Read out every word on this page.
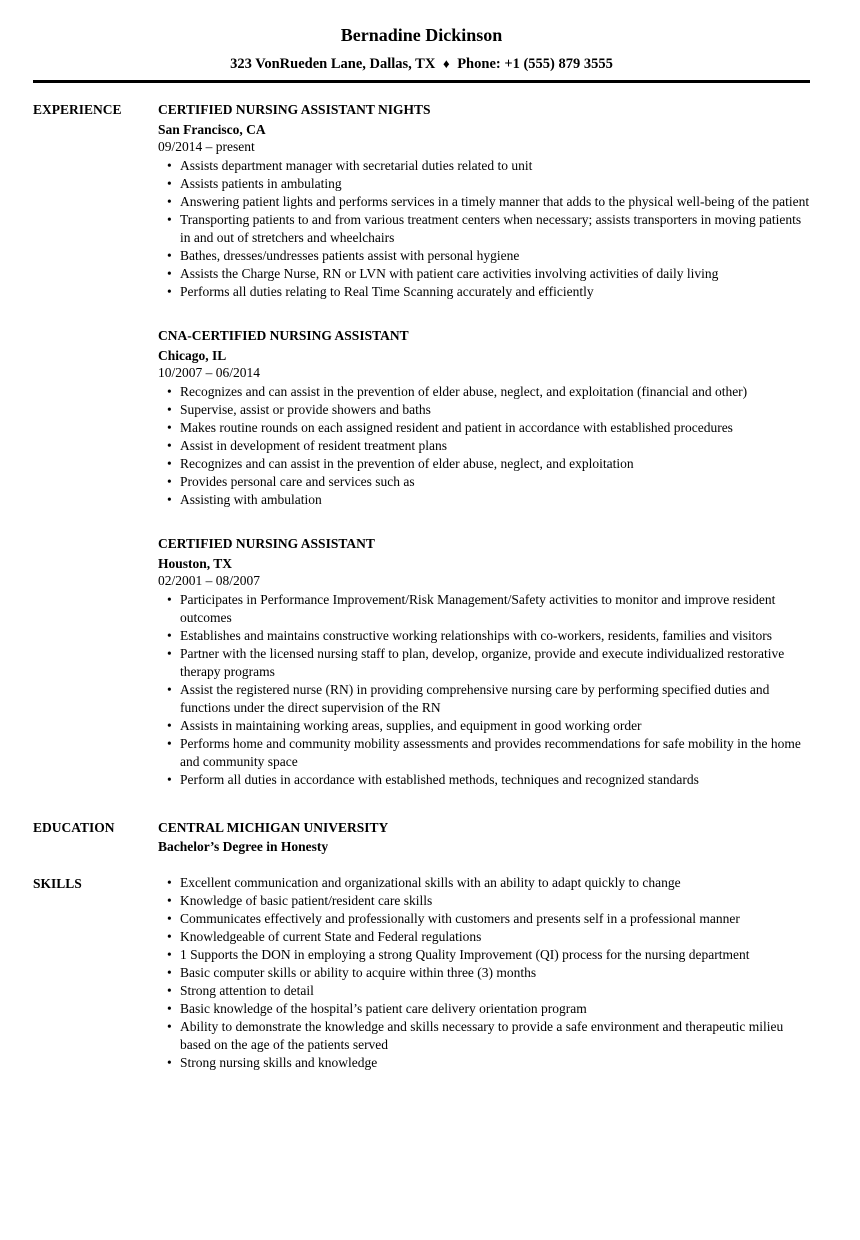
Bernadine Dickinson

323 VonRueden Lane, Dallas, TX ♦ Phone: +1 (555) 879 3555

EXPERIENCE	CERTIFIED NURSING ASSISTANT NIGHTS
San Francisco, CA
09/2014 – present
• Assists department manager with secretarial duties related to unit
• Assists patients in ambulating
• Answering patient lights and performs services in a timely manner that adds to the physical well-being of the patient
• Transporting patients to and from various treatment centers when necessary; assists transporters in moving patients in and out of stretchers and wheelchairs
• Bathes, dresses/undresses patients assist with personal hygiene
• Assists the Charge Nurse, RN or LVN with patient care activities involving activities of daily living
• Performs all duties relating to Real Time Scanning accurately and efficiently
CNA-CERTIFIED NURSING ASSISTANT
Chicago, IL
10/2007 – 06/2014
• Recognizes and can assist in the prevention of elder abuse, neglect, and exploitation (financial and other)
• Supervise, assist or provide showers and baths
• Makes routine rounds on each assigned resident and patient in accordance with established procedures
• Assist in development of resident treatment plans
• Recognizes and can assist in the prevention of elder abuse, neglect, and exploitation
• Provides personal care and services such as
• Assisting with ambulation
CERTIFIED NURSING ASSISTANT
Houston, TX
02/2001 – 08/2007
• Participates in Performance Improvement/Risk Management/Safety activities to monitor and improve resident outcomes
• Establishes and maintains constructive working relationships with co-workers, residents, families and visitors
• Partner with the licensed nursing staff to plan, develop, organize, provide and execute individualized restorative therapy programs
• Assist the registered nurse (RN) in providing comprehensive nursing care by performing specified duties and functions under the direct supervision of the RN
• Assists in maintaining working areas, supplies, and equipment in good working order
• Performs home and community mobility assessments and provides recommendations for safe mobility in the home and community space
• Perform all duties in accordance with established methods, techniques and recognized standards
EDUCATION	CENTRAL MICHIGAN UNIVERSITY
Bachelor’s Degree in Honesty
SKILLS	• Excellent communication and organizational skills with an ability to adapt quickly to change
• Knowledge of basic patient/resident care skills
• Communicates effectively and professionally with customers and presents self in a professional manner
• Knowledgeable of current State and Federal regulations
• 1 Supports the DON in employing a strong Quality Improvement (QI) process for the nursing department
• Basic computer skills or ability to acquire within three (3) months
• Strong attention to detail
• Basic knowledge of the hospital’s patient care delivery orientation program
• Ability to demonstrate the knowledge and skills necessary to provide a safe environment and therapeutic milieu based on the age of the patients served
• Strong nursing skills and knowledge
